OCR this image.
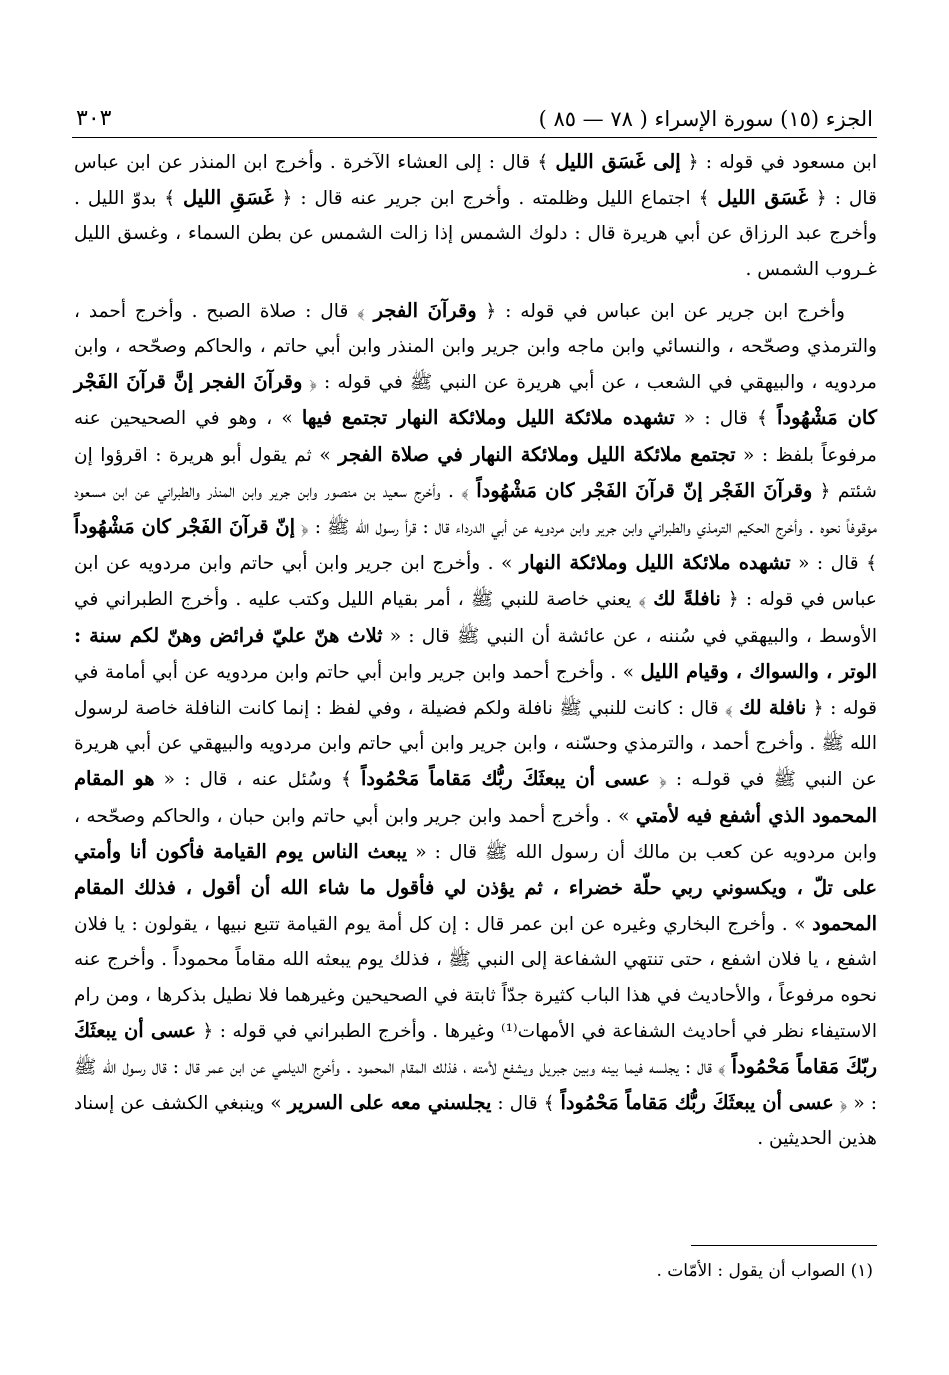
الجزء (١٥) سورة الإسراء ( ٧٨ — ٨٥ )
٣٠٣

ابن مسعود في قوله : ﴿ إلى غَسَق الليل ﴾ قال : إلى العشاء الآخرة . وأخرج ابن المنذر عن ابن عباس قال : ﴿ غَسَق الليل ﴾ اجتماع الليل وظلمته . وأخرج ابن جرير عنه قال : ﴿ غَسَقِ الليل ﴾ بدوّ الليل . وأخرج عبد الرزاق عن أبي هريرة قال : دلوك الشمس إذا زالت الشمس عن بطن السماء ، وغسق الليل غـروب الشمس .

وأخرج ابن جرير عن ابن عباس في قوله : ﴿ وقرآنَ الفجر ﴾ قال : صلاة الصبح . وأخرج أحمد ، والترمذي وصحّحه ، والنسائي وابن ماجه وابن جرير وابن المنذر وابن أبي حاتم ، والحاكم وصحّحه ، وابن مردويه ، والبيهقي في الشعب ، عن أبي هريرة عن النبي ﷺ في قوله : ﴿ وقرآنَ الفجر إنَّ قرآنَ الفَجْر كان مَشْهُوداً ﴾ قال : « تشهده ملائكة الليل وملائكة النهار تجتمع فيها » ، وهو في الصحيحين عنه مرفوعاً بلفظ : « تجتمع ملائكة الليل وملائكة النهار في صلاة الفجر » ثم يقول أبو هريرة : اقرؤوا إن شئتم ﴿ وقرآنَ الفَجْر إنّ قرآنَ الفَجْر كان مَشْهُوداً ﴾ . وأخرج سعيد بن منصور وابن جرير وابن المنذر والطبراني عن ابن مسعود موقوفاً نحوه . وأخرج الحكيم الترمذي والطبراني وابن جرير وابن مردويه عن أبي الدرداء قال : قرأ رسول الله ﷺ : ﴿ إنّ قرآنَ الفَجْر كان مَشْهُوداً ﴾ قال : « تشهده ملائكة الليل وملائكة النهار » . وأخرج ابن جرير وابن أبي حاتم وابن مردويه عن ابن عباس في قوله : ﴿ نافلةً لك ﴾ يعني خاصة للنبي ﷺ ، أمر بقيام الليل وكتب عليه . وأخرج الطبراني في الأوسط ، والبيهقي في سُننه ، عن عائشة أن النبي ﷺ قال : « ثلاث هنّ عليّ فرائض وهنّ لكم سنة : الوتر ، والسواك ، وقيام الليل » . وأخرج أحمد وابن جرير وابن أبي حاتم وابن مردويه عن أبي أمامة في قوله : ﴿ نافلة لك ﴾ قال : كانت للنبي ﷺ نافلة ولكم فضيلة ، وفي لفظ : إنما كانت النافلة خاصة لرسول الله ﷺ . وأخرج أحمد ، والترمذي وحسّنه ، وابن جرير وابن أبي حاتم وابن مردويه والبيهقي عن أبي هريرة عن النبي ﷺ في قولـه : ﴿ عسى أن يبعثَكَ ربُّك مَقاماً مَحْمُوداً ﴾ وسُئل عنه ، قال : « هو المقام المحمود الذي أشفع فيه لأمتي » . وأخرج أحمد وابن جرير وابن أبي حاتم وابن حبان ، والحاكم وصحّحه ، وابن مردويه عن كعب بن مالك أن رسول الله ﷺ قال : « يبعث الناس يوم القيامة فأكون أنا وأمتي على تلّ ، ويكسوني ربي حلّة خضراء ، ثم يؤذن لي فأقول ما شاء الله أن أقول ، فذلك المقام المحمود » . وأخرج البخاري وغيره عن ابن عمر قال : إن كل أمة يوم القيامة تتبع نبيها ، يقولون : يا فلان اشفع ، يا فلان اشفع ، حتى تنتهي الشفاعة إلى النبي ﷺ ، فذلك يوم يبعثه الله مقاماً محموداً . وأخرج عنه نحوه مرفوعاً ، والأحاديث في هذا الباب كثيرة جدّاً ثابتة في الصحيحين وغيرهما فلا نطيل بذكرها ، ومن رام الاستيفاء نظر في أحاديث الشفاعة في الأمهات⁽¹⁾ وغيرها . وأخرج الطبراني في قوله : ﴿ عسى أن يبعثَكَ ربّكَ مَقاماً مَحْمُوداً ﴾ قال : يجلسه فيما بينه وبين جبريل ويشفع لأمته ، فذلك المقام المحمود . وأخرج الديلمي عن ابن عمر قال : قال رسول الله ﷺ : « ﴿ عسى أن يبعثَكَ ربُّك مَقاماً مَحْمُوداً ﴾ قال : يجلسني معه على السرير » وينبغي الكشف عن إسناد هذين الحديثين .

(١) الصواب أن يقول : الأمّات .
